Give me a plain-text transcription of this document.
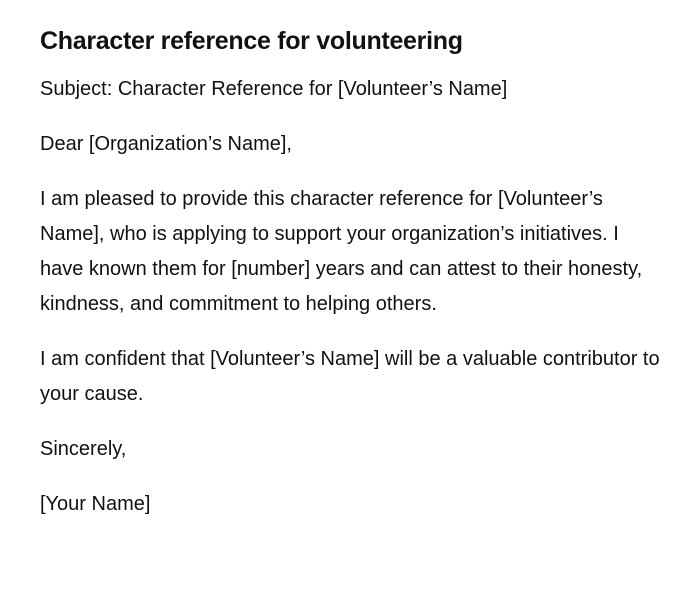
Character reference for volunteering

Subject: Character Reference for [Volunteer’s Name]

Dear [Organization’s Name],

I am pleased to provide this character reference for [Volunteer’s Name], who is applying to support your organization’s initiatives. I have known them for [number] years and can attest to their honesty, kindness, and commitment to helping others.

I am confident that [Volunteer’s Name] will be a valuable contributor to your cause.

Sincerely,

[Your Name]
